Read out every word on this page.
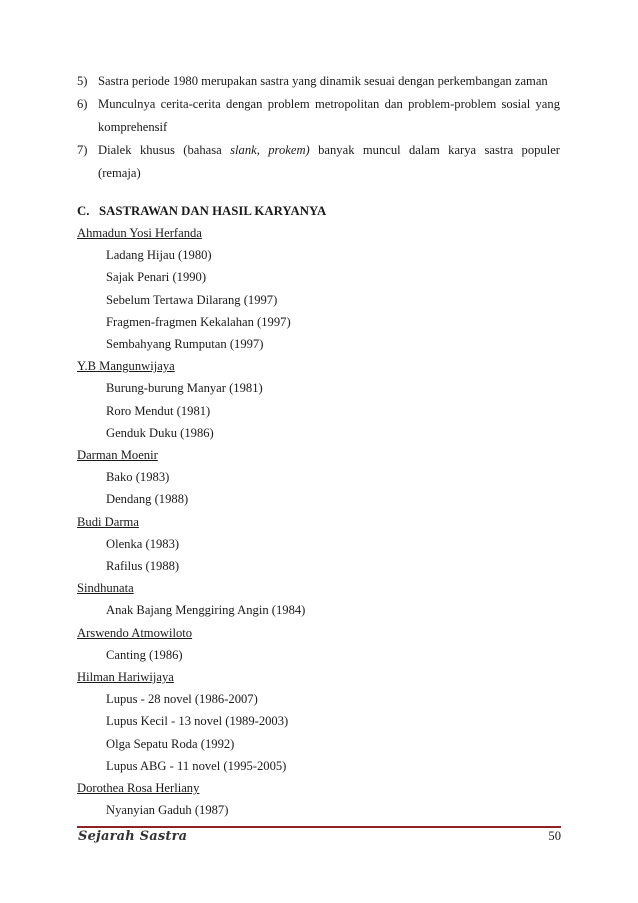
5) Sastra periode 1980 merupakan sastra yang dinamik sesuai dengan perkembangan zaman
6) Munculnya cerita-cerita dengan problem metropolitan dan problem-problem sosial yang
komprehensif
7) Dialek khusus (bahasa slank, prokem) banyak muncul dalam karya sastra populer
(remaja)
C.   SASTRAWAN DAN HASIL KARYANYA
Ahmadun Yosi Herfanda
Ladang Hijau (1980)
Sajak Penari (1990)
Sebelum Tertawa Dilarang (1997)
Fragmen-fragmen Kekalahan (1997)
Sembahyang Rumputan (1997)
Y.B Mangunwijaya
Burung-burung Manyar (1981)
Roro Mendut (1981)
Genduk Duku (1986)
Darman Moenir
Bako (1983)
Dendang (1988)
Budi Darma
Olenka (1983)
Rafilus (1988)
Sindhunata
Anak Bajang Menggiring Angin (1984)
Arswendo Atmowiloto
Canting (1986)
Hilman Hariwijaya
Lupus - 28 novel (1986-2007)
Lupus Kecil - 13 novel (1989-2003)
Olga Sepatu Roda (1992)
Lupus ABG - 11 novel (1995-2005)
Dorothea Rosa Herliany
Nyanyian Gaduh (1987)
Sejarah Sastra	50
